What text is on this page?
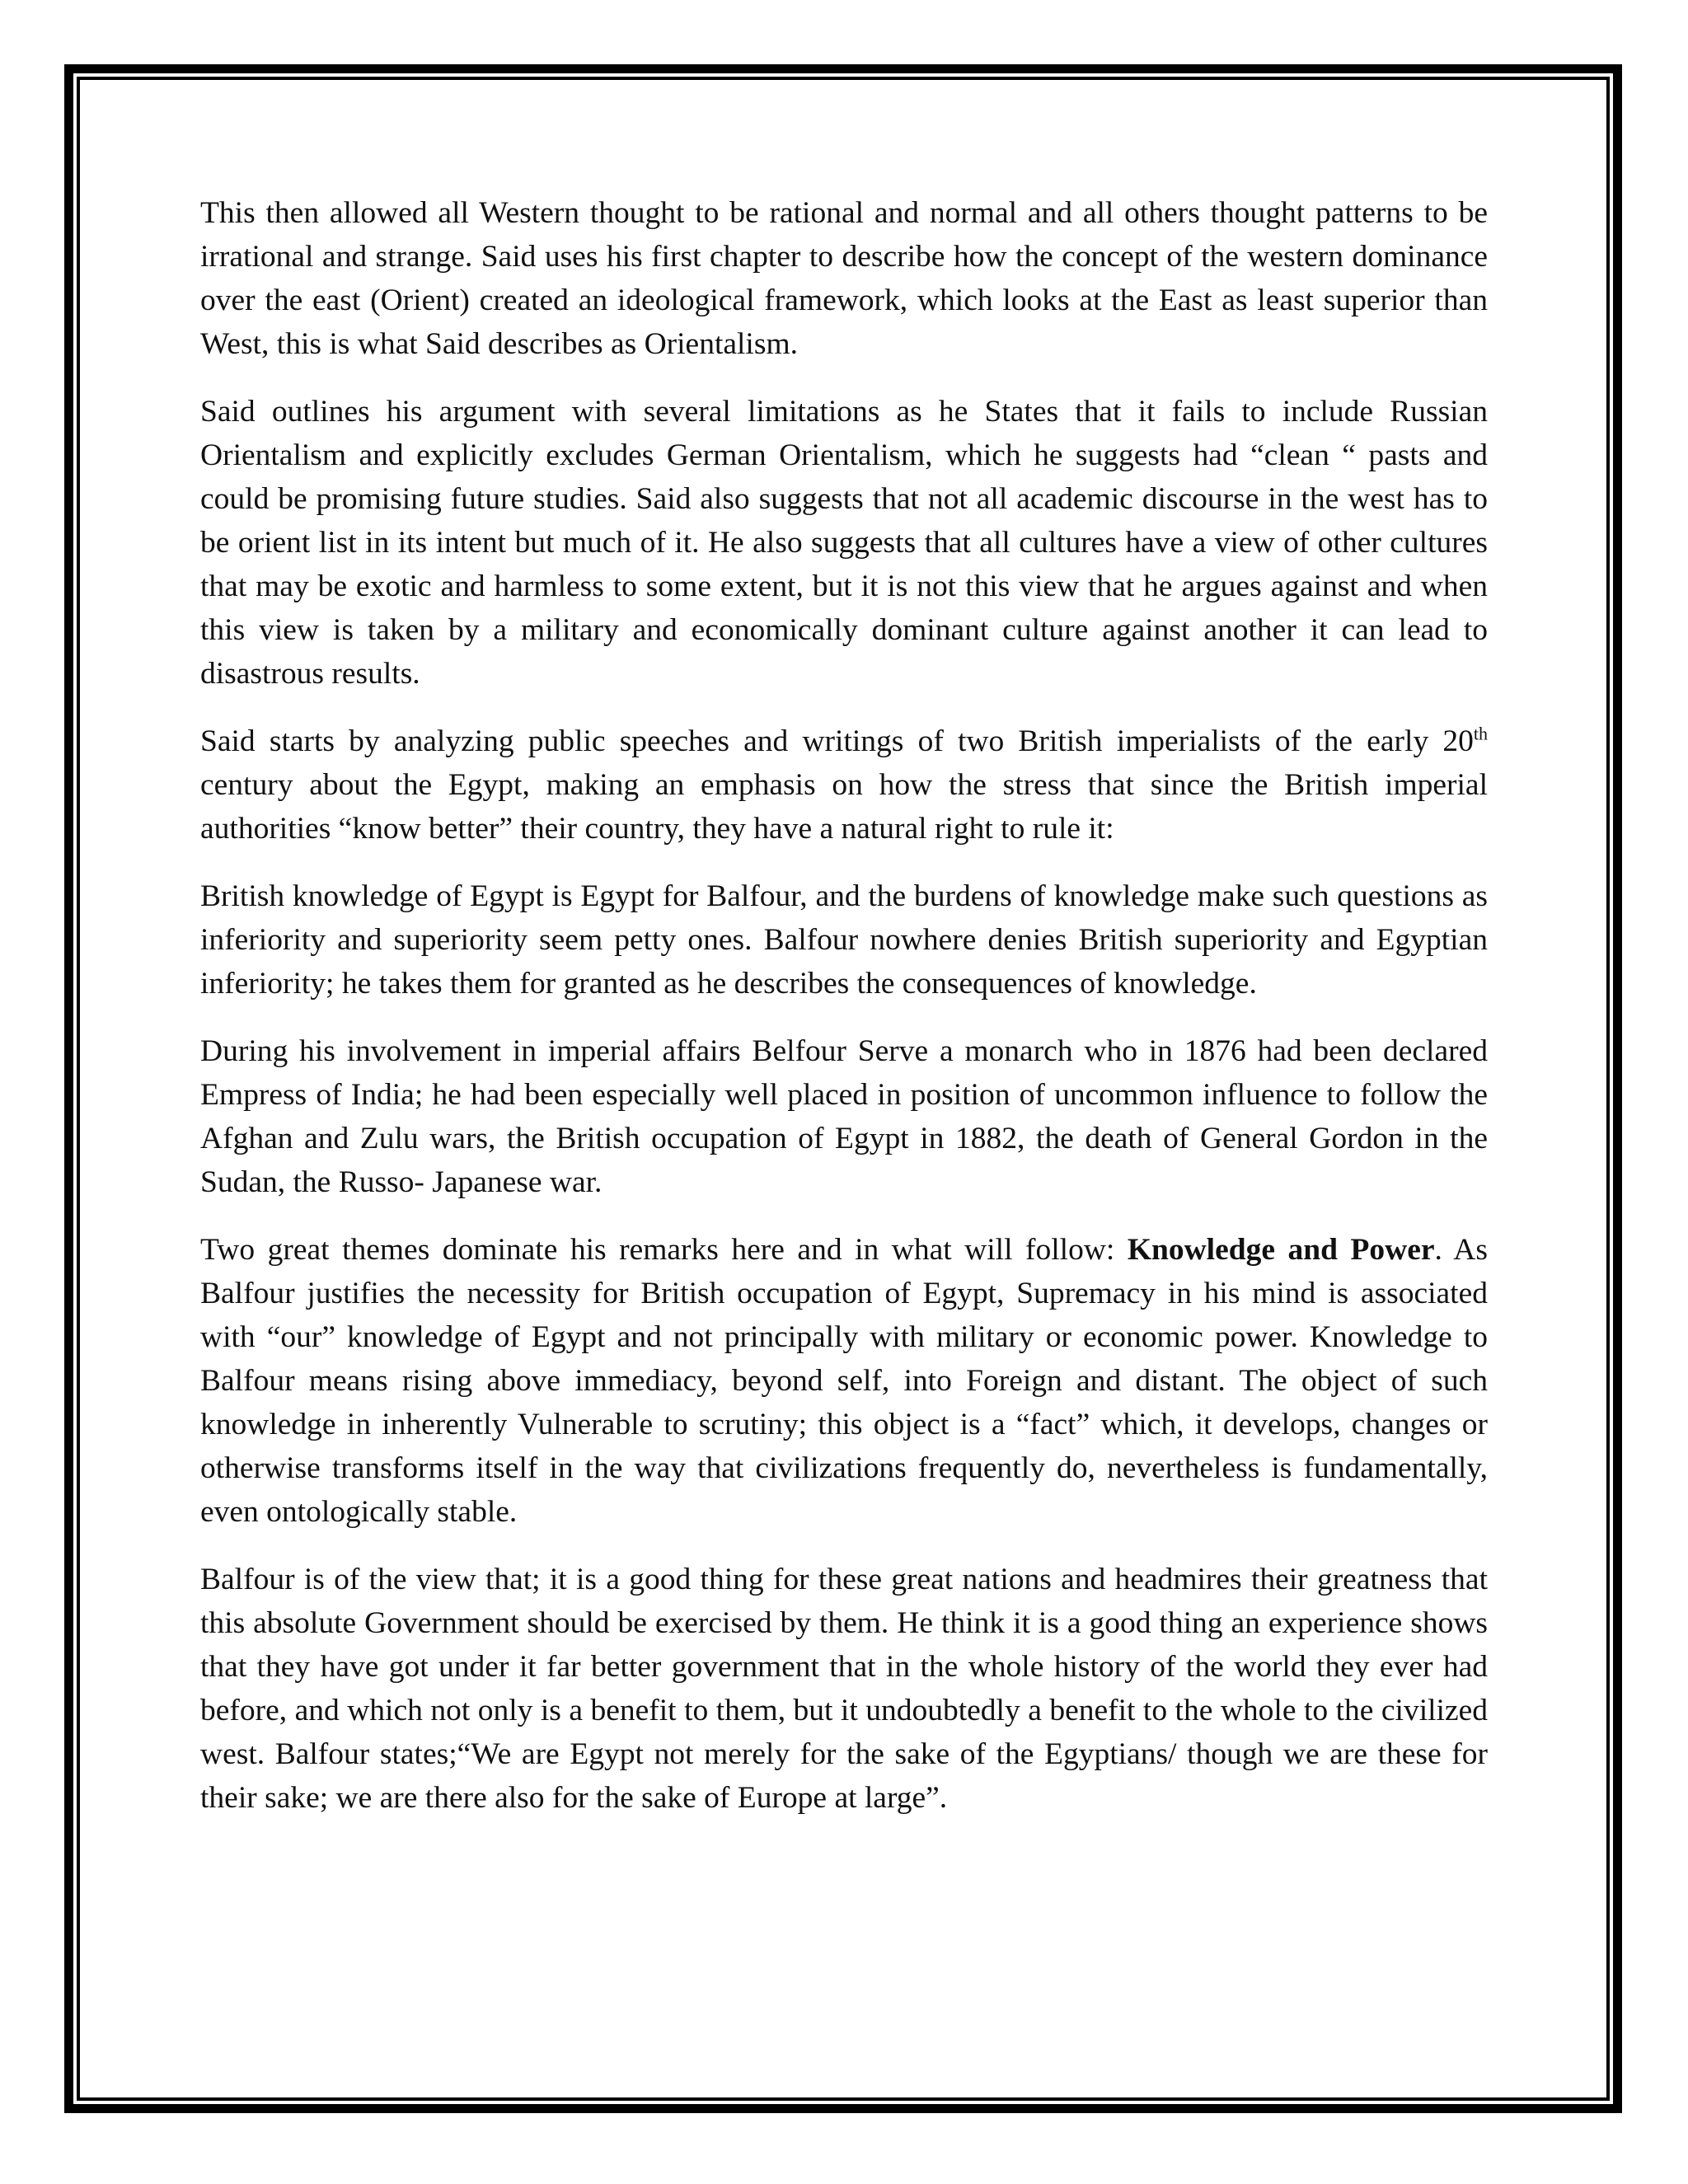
This then allowed all Western thought to be rational and normal and all others thought patterns to be irrational and strange. Said uses his first chapter to describe how the concept of the western dominance over the east (Orient) created an ideological framework, which looks at the East as least superior than West, this is what Said describes as Orientalism.

Said outlines his argument with several limitations as he States that it fails to include Russian Orientalism and explicitly excludes German Orientalism, which he suggests had “clean “ pasts and could be promising future studies. Said also suggests that not all academic discourse in the west has to be orient list in its intent but much of it. He also suggests that all cultures have a view of other cultures that may be exotic and harmless to some extent, but it is not this view that he argues against and when this view is taken by a military and economically dominant culture against another it can lead to disastrous results.

Said starts by analyzing public speeches and writings of two British imperialists of the early 20th century about the Egypt, making an emphasis on how the stress that since the British imperial authorities “know better” their country, they have a natural right to rule it:

British knowledge of Egypt is Egypt for Balfour, and the burdens of knowledge make such questions as inferiority and superiority seem petty ones. Balfour nowhere denies British superiority and Egyptian inferiority; he takes them for granted as he describes the consequences of knowledge.

During his involvement in imperial affairs Belfour Serve a monarch who in 1876 had been declared Empress of India; he had been especially well placed in position of uncommon influence to follow the Afghan and Zulu wars, the British occupation of Egypt in 1882, the death of General Gordon in the Sudan, the Russo- Japanese war.

Two great themes dominate his remarks here and in what will follow: Knowledge and Power. As Balfour justifies the necessity for British occupation of Egypt, Supremacy in his mind is associated with “our” knowledge of Egypt and not principally with military or economic power. Knowledge to Balfour means rising above immediacy, beyond self, into Foreign and distant. The object of such knowledge in inherently Vulnerable to scrutiny; this object is a “fact” which, it develops, changes or otherwise transforms itself in the way that civilizations frequently do, nevertheless is fundamentally, even ontologically stable.

Balfour is of the view that; it is a good thing for these great nations and headmires their greatness that this absolute Government should be exercised by them. He think it is a good thing an experience shows that they have got under it far better government that in the whole history of the world they ever had before, and which not only is a benefit to them, but it undoubtedly a benefit to the whole to the civilized west. Balfour states;“We are Egypt not merely for the sake of the Egyptians/ though we are these for their sake; we are there also for the sake of Europe at large”.
